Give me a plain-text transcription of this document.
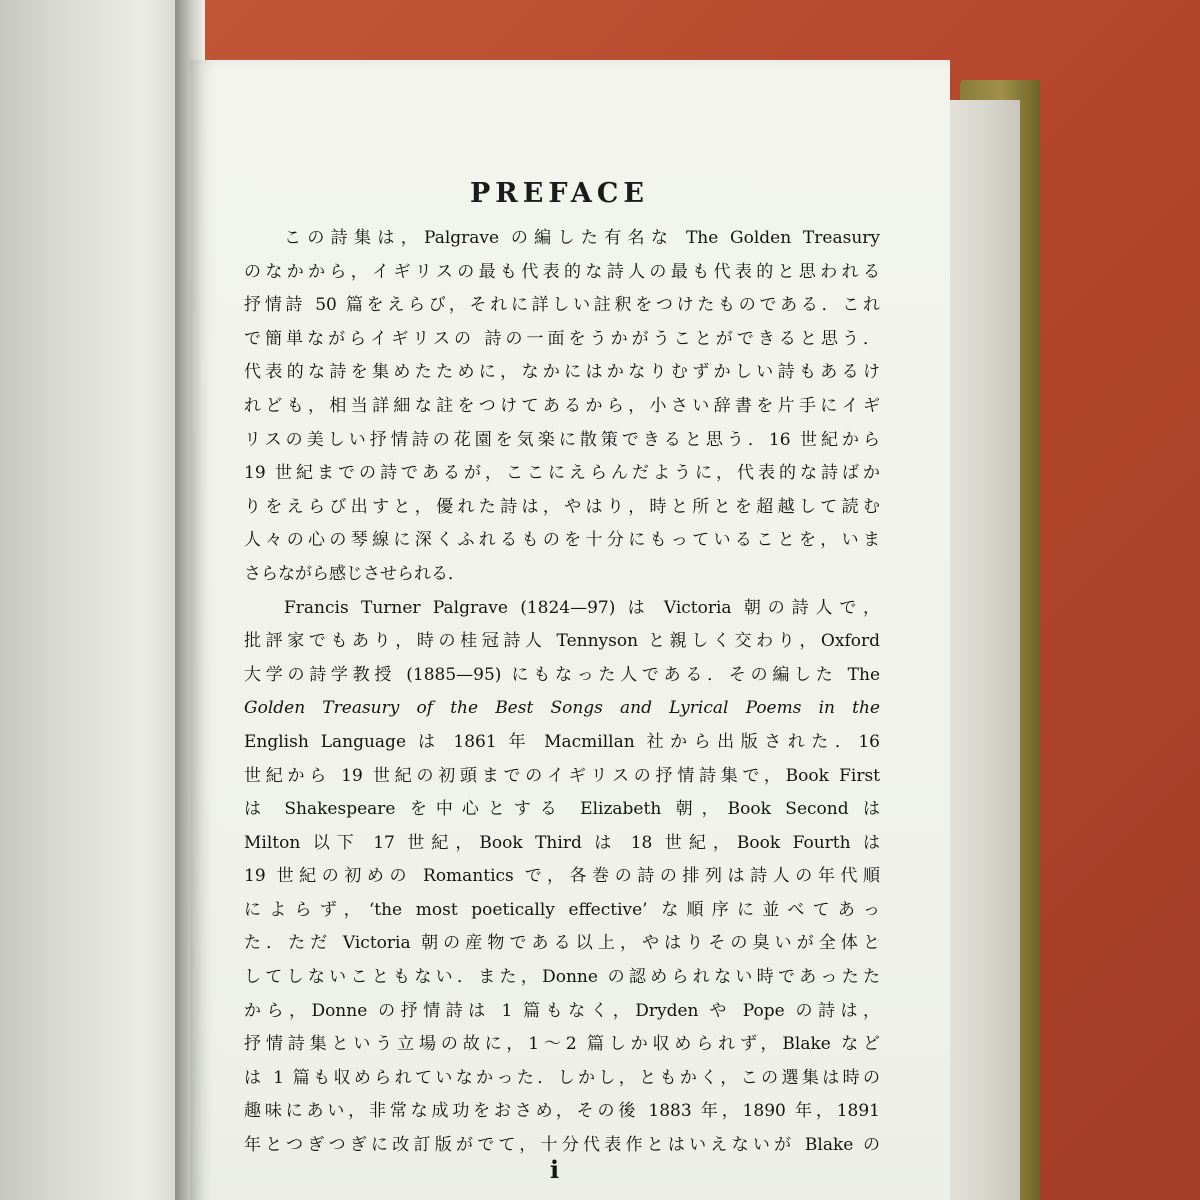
PREFACE
この詩集は，Palgrave の編した有名な The Golden Treasury
のなかから，イギリスの最も代表的な詩人の最も代表的と思われる
抒情詩 50 篇をえらび，それに詳しい註釈をつけたものである．これ
で簡単ながらイギリスの 詩の一面をうかがうことができると思う．
代表的な詩を集めたために，なかにはかなりむずかしい詩もあるけ
れども，相当詳細な註をつけてあるから，小さい辞書を片手にイギ
リスの美しい抒情詩の花園を気楽に散策できると思う．16 世紀から
19 世紀までの詩であるが，ここにえらんだように，代表的な詩ばか
りをえらび出すと，優れた詩は，やはり，時と所とを超越して読む
人々の心の琴線に深くふれるものを十分にもっていることを，いま
さらながら感じさせられる．
Francis Turner Palgrave (1824—97) は Victoria 朝の詩人で，
批評家でもあり，時の桂冠詩人 Tennyson と親しく交わり，Oxford
大学の詩学教授 (1885—95) にもなった人である．その編した The
Golden Treasury of the Best Songs and Lyrical Poems in the
English Language は 1861 年 Macmillan 社から出版された．16
世紀から 19 世紀の初頭までのイギリスの抒情詩集で，Book First
は Shakespeare を中心とする Elizabeth 朝，Book Second は
Milton 以下 17 世紀，Book Third は 18 世紀，Book Fourth は
19 世紀の初めの Romantics で，各巻の詩の排列は詩人の年代順
によらず，‘the most poetically effective’ な順序に並べてあっ
た．ただ Victoria 朝の産物である以上，やはりその臭いが全体と
してしないこともない．また，Donne の認められない時であったた
から，Donne の抒情詩は 1 篇もなく，Dryden や Pope の詩は，
抒情詩集という立場の故に，1〜2 篇しか収められず，Blake など
は 1 篇も収められていなかった．しかし，ともかく，この選集は時の
趣味にあい，非常な成功をおさめ，その後 1883 年，1890 年，1891
年とつぎつぎに改訂版がでて，十分代表作とはいえないが Blake の
i
